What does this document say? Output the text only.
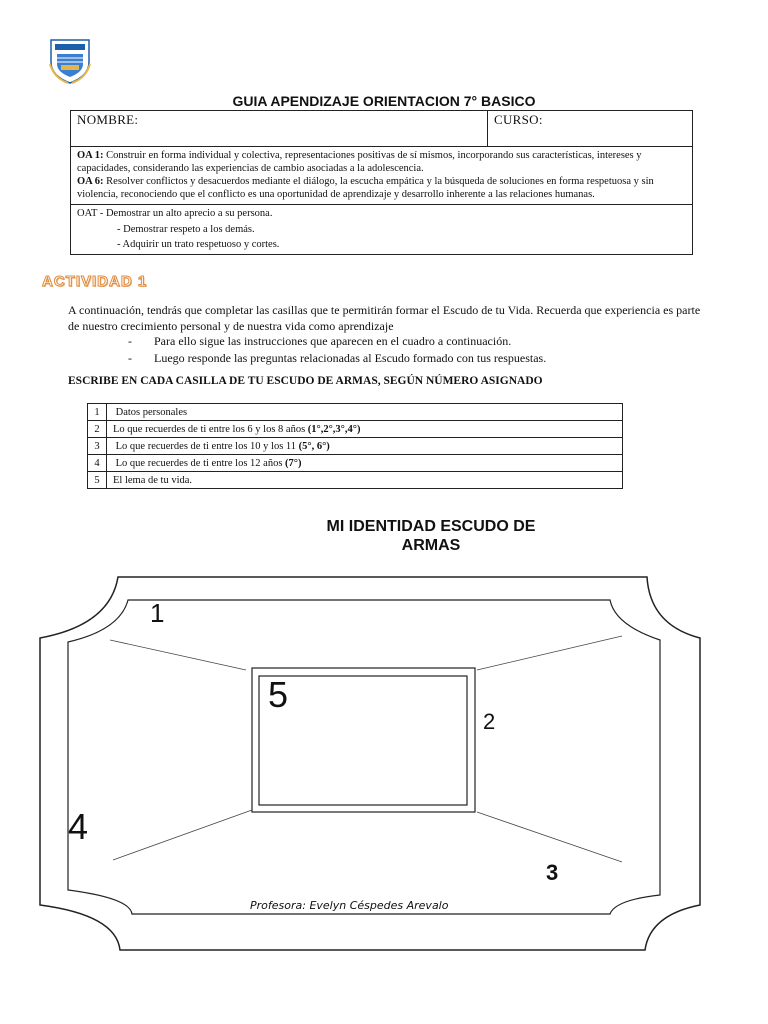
GUIA APENDIZAJE ORIENTACION 7° BASICO
NOMBRE:	CURSO:

OA 1: Construir en forma individual y colectiva, representaciones positivas de sí mismos, incorporando sus características, intereses y capacidades, considerando las experiencias de cambio asociadas a la adolescencia.
OA 6: Resolver conflictos y desacuerdos mediante el diálogo, la escucha empática y la búsqueda de soluciones en forma respetuosa y sin violencia, reconociendo que el conflicto es una oportunidad de aprendizaje y desarrollo inherente a las relaciones humanas.

OAT - Demostrar un alto aprecio a su persona.
- Demostrar respeto a los demás.
- Adquirir un trato respetuoso y cortes.
ACTIVIDAD 1
A continuación, tendrás que completar las casillas que te permitirán formar el Escudo de tu Vida. Recuerda que experiencia es parte de nuestro crecimiento personal y de nuestra vida como aprendizaje
- Para ello sigue las instrucciones que aparecen en el cuadro a continuación.
- Luego responde las preguntas relacionadas al Escudo formado con tus respuestas.
ESCRIBE EN CADA CASILLA DE TU ESCUDO DE ARMAS, SEGÚN NÚMERO ASIGNADO
1	Datos personales
2	Lo que recuerdes de ti entre los 6 y los 8 años (1°,2°,3°,4°)
3	Lo que recuerdes de ti entre los 10 y los 11 (5°, 6°)
4	Lo que recuerdes de ti entre los 12 años (7°)
5	El lema de tu vida.
MI IDENTIDAD ESCUDO DE
ARMAS
1
2
3
4
5
Profesora: Evelyn Céspedes Arevalo
